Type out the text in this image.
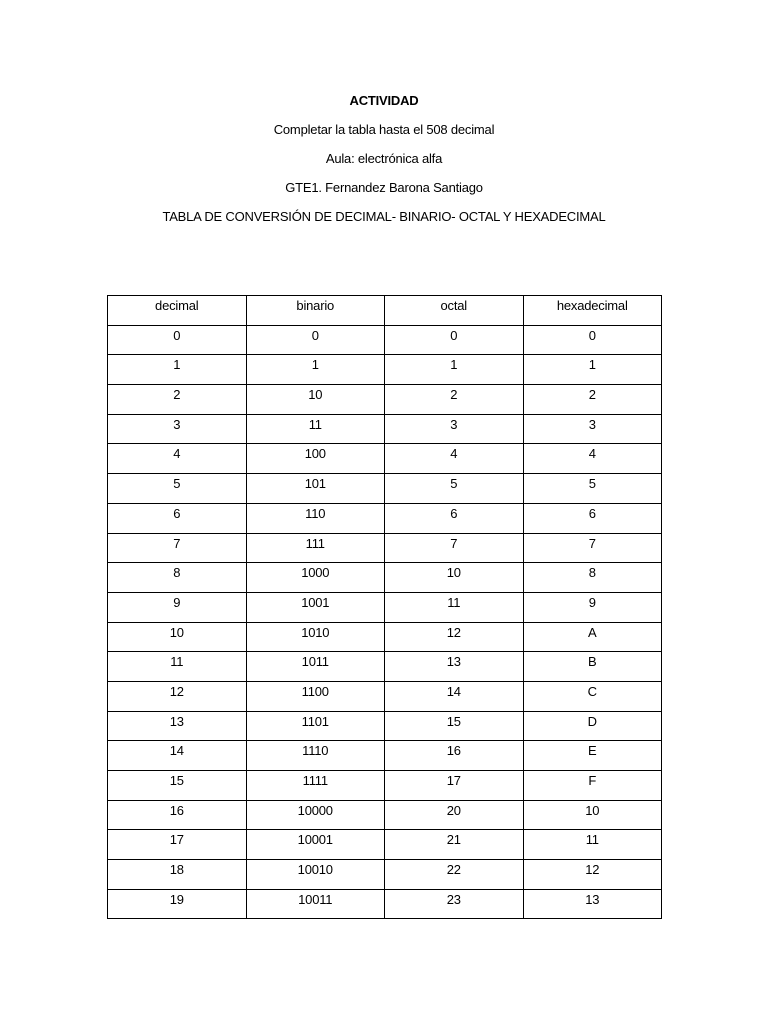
ACTIVIDAD
Completar la tabla hasta el 508 decimal
Aula: electrónica alfa
GTE1. Fernandez Barona Santiago
TABLA DE CONVERSIÓN DE DECIMAL- BINARIO- OCTAL Y HEXADECIMAL
decimal	binario	octal	hexadecimal
0	0	0	0
1	1	1	1
2	10	2	2
3	11	3	3
4	100	4	4
5	101	5	5
6	110	6	6
7	111	7	7
8	1000	10	8
9	1001	11	9
10	1010	12	A
11	1011	13	B
12	1100	14	C
13	1101	15	D
14	1110	16	E
15	1111	17	F
16	10000	20	10
17	10001	21	11
18	10010	22	12
19	10011	23	13
